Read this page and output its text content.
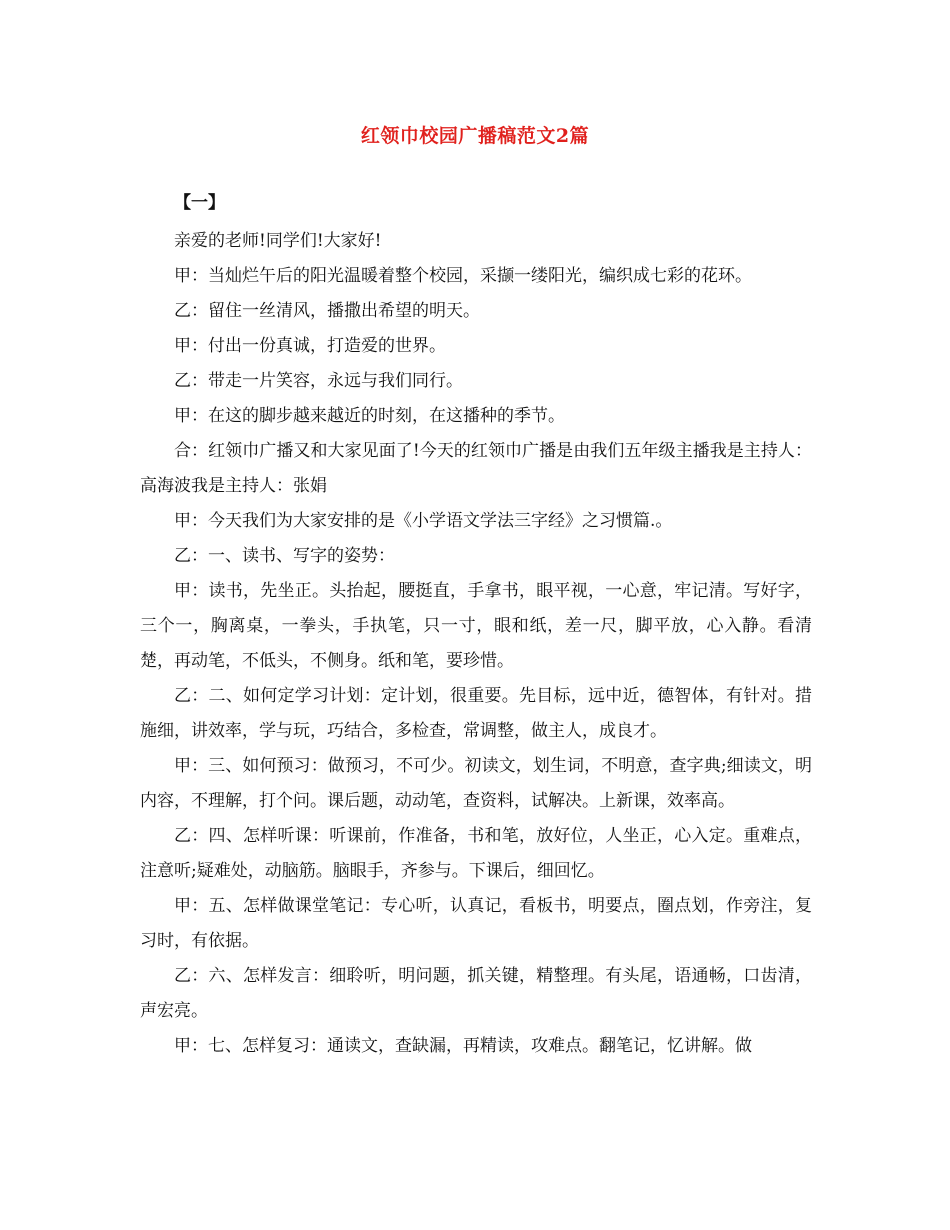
红领巾校园广播稿范文2篇
【一】

亲爱的老师!同学们!大家好!

甲：当灿烂午后的阳光温暖着整个校园，采撷一缕阳光，编织成七彩的花环。

乙：留住一丝清风，播撒出希望的明天。

甲：付出一份真诚，打造爱的世界。

乙：带走一片笑容，永远与我们同行。

甲：在这的脚步越来越近的时刻，在这播种的季节。

合：红领巾广播又和大家见面了!今天的红领巾广播是由我们五年级主播我是主持人：高海波我是主持人：张娟

甲：今天我们为大家安排的是《小学语文学法三字经》之习惯篇.。

乙：一、读书、写字的姿势：

甲：读书，先坐正。头抬起，腰挺直，手拿书，眼平视，一心意，牢记清。写好字，三个一，胸离桌，一拳头，手执笔，只一寸，眼和纸，差一尺，脚平放，心入静。看清楚，再动笔，不低头，不侧身。纸和笔，要珍惜。

乙：二、如何定学习计划：定计划，很重要。先目标，远中近，德智体，有针对。措施细，讲效率，学与玩，巧结合，多检查，常调整，做主人，成良才。

甲：三、如何预习：做预习，不可少。初读文，划生词，不明意，查字典;细读文，明内容，不理解，打个问。课后题，动动笔，查资料，试解决。上新课，效率高。

乙：四、怎样听课：听课前，作准备，书和笔，放好位，人坐正，心入定。重难点，注意听;疑难处，动脑筋。脑眼手，齐参与。下课后，细回忆。

甲：五、怎样做课堂笔记：专心听，认真记，看板书，明要点，圈点划，作旁注，复习时，有依据。

乙：六、怎样发言：细聆听，明问题，抓关键，精整理。有头尾，语通畅，口齿清，声宏亮。

甲：七、怎样复习：通读文，查缺漏，再精读，攻难点。翻笔记，忆讲解。做
